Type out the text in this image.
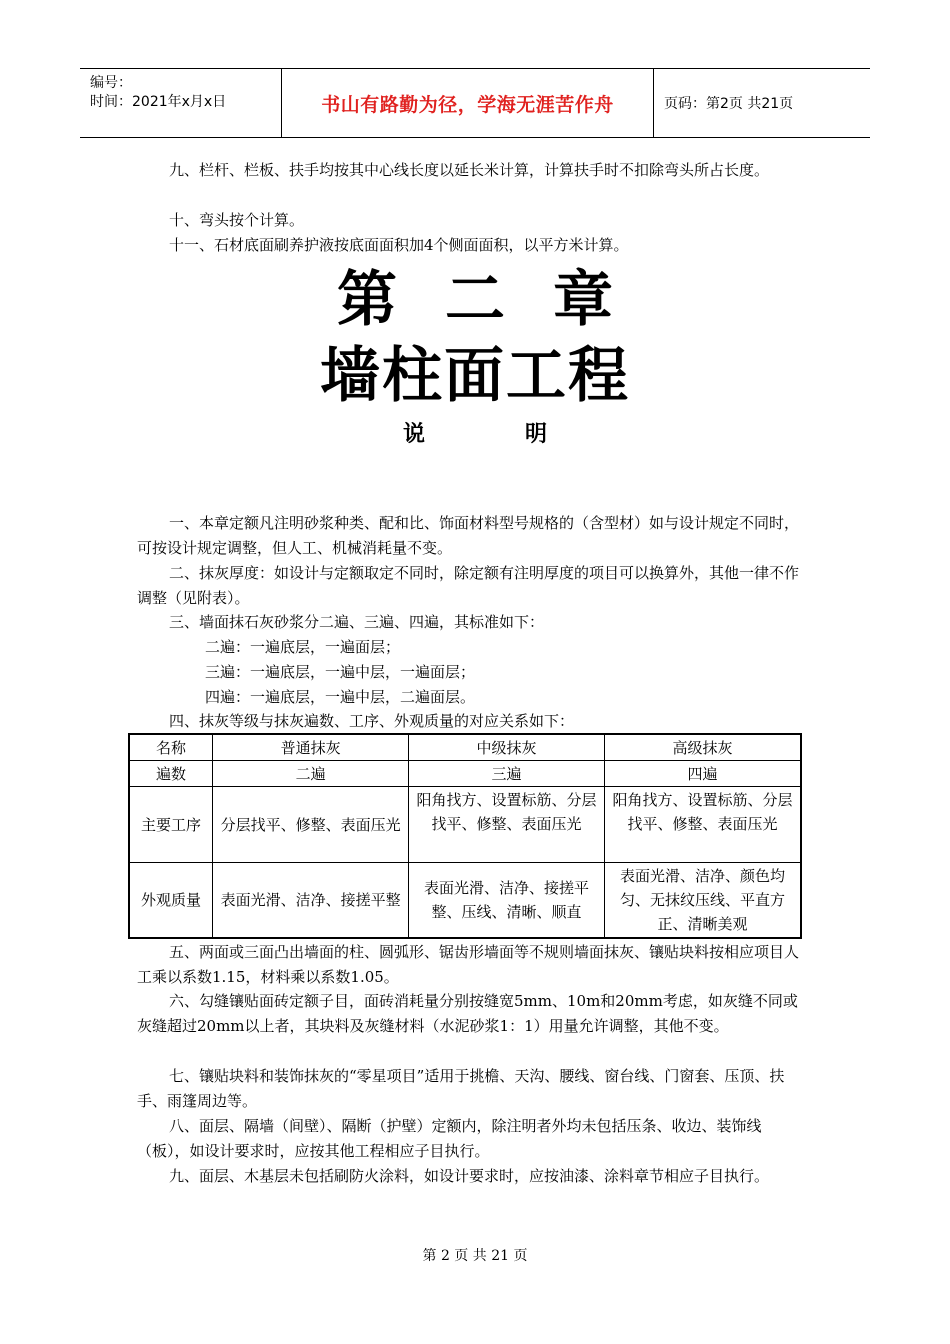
编号：
时间：2021年x月x日	书山有路勤为径，学海无涯苦作舟	页码：第2页 共21页

九、栏杆、栏板、扶手均按其中心线长度以延长米计算，计算扶手时不扣除弯头所占长度。

十、弯头按个计算。

十一、石材底面刷养护液按底面面积加4个侧面面积，以平方米计算。

第二章
墙柱面工程
说明

一、本章定额凡注明砂浆种类、配和比、饰面材料型号规格的（含型材）如与设计规定不同时，可按设计规定调整，但人工、机械消耗量不变。

二、抹灰厚度：如设计与定额取定不同时，除定额有注明厚度的项目可以换算外，其他一律不作调整（见附表）。

三、墙面抹石灰砂浆分二遍、三遍、四遍，其标准如下：

二遍：一遍底层，一遍面层；

三遍：一遍底层，一遍中层，一遍面层；

四遍：一遍底层，一遍中层，二遍面层。

四、抹灰等级与抹灰遍数、工序、外观质量的对应关系如下：

名称	普通抹灰	中级抹灰	高级抹灰
遍数	二遍	三遍	四遍
主要工序	分层找平、修整、表面压光	阳角找方、设置标筋、分层找平、修整、表面压光	阳角找方、设置标筋、分层找平、修整、表面压光
外观质量	表面光滑、洁净、接搓平整	表面光滑、洁净、接搓平整、压线、清晰、顺直	表面光滑、洁净、颜色均匀、无抹纹压线、平直方正、清晰美观

五、两面或三面凸出墙面的柱、圆弧形、锯齿形墙面等不规则墙面抹灰、镶贴块料按相应项目人工乘以系数1.15，材料乘以系数1.05。

六、勾缝镶贴面砖定额子目，面砖消耗量分别按缝宽5mm、10m和20mm考虑，如灰缝不同或灰缝超过20mm以上者，其块料及灰缝材料（水泥砂浆1：1）用量允许调整，其他不变。

七、镶贴块料和装饰抹灰的“零星项目”适用于挑檐、天沟、腰线、窗台线、门窗套、压顶、扶手、雨篷周边等。

八、面层、隔墙（间壁）、隔断（护壁）定额内，除注明者外均未包括压条、收边、装饰线（板），如设计要求时，应按其他工程相应子目执行。

九、面层、木基层未包括刷防火涂料，如设计要求时，应按油漆、涂料章节相应子目执行。

第 2 页 共 21 页
